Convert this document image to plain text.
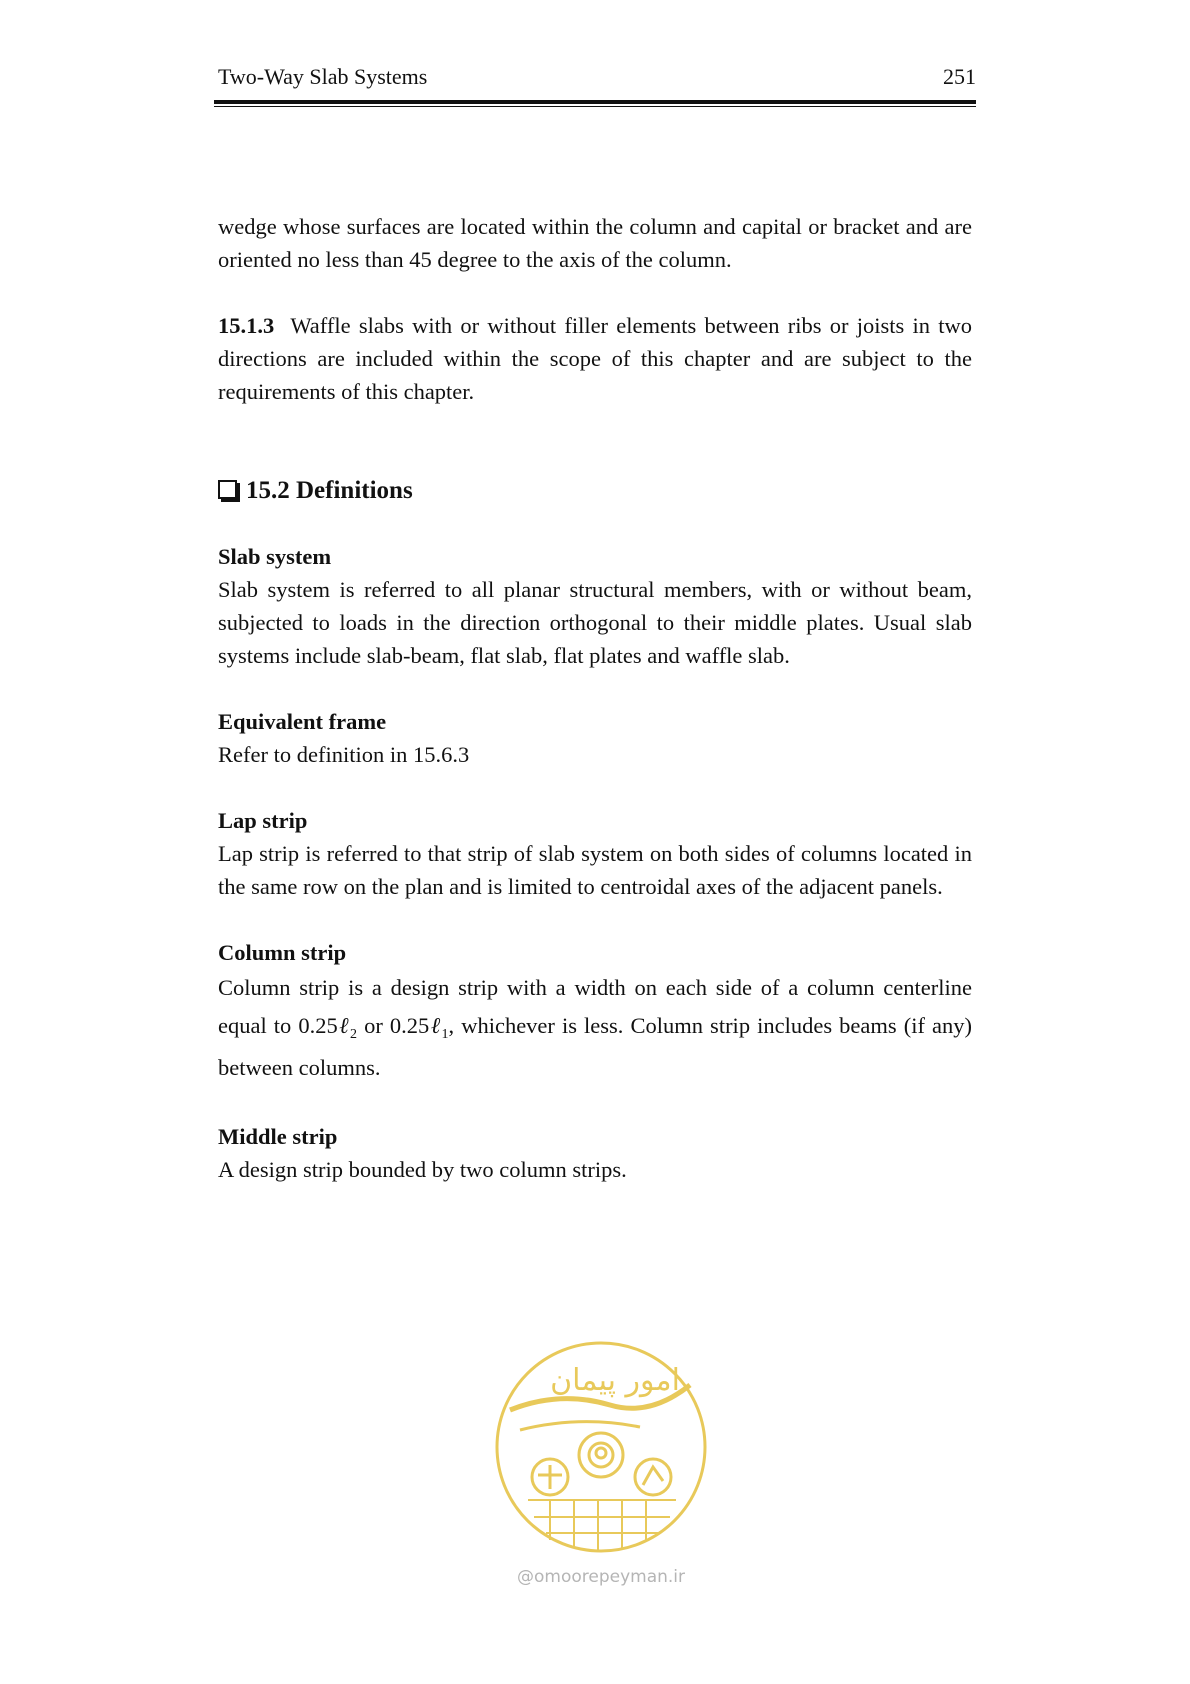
Two-Way Slab Systems	251

wedge whose surfaces are located within the column and capital or bracket and are oriented no less than 45 degree to the axis of the column.

15.1.3 Waffle slabs with or without filler elements between ribs or joists in two directions are included within the scope of this chapter and are subject to the requirements of this chapter.

15.2 Definitions

Slab system

Slab system is referred to all planar structural members, with or without beam, subjected to loads in the direction orthogonal to their middle plates. Usual slab systems include slab-beam, flat slab, flat plates and waffle slab.

Equivalent frame

Refer to definition in 15.6.3

Lap strip

Lap strip is referred to that strip of slab system on both sides of columns located in the same row on the plan and is limited to centroidal axes of the adjacent panels.

Column strip

Column strip is a design strip with a width on each side of a column centerline equal to 0.25ℓ$_2$ or 0.25ℓ$_1$, whichever is less. Column strip includes beams (if any) between columns.

Middle strip

A design strip bounded by two column strips.

امور پیمان
@omoorepeyman.ir
